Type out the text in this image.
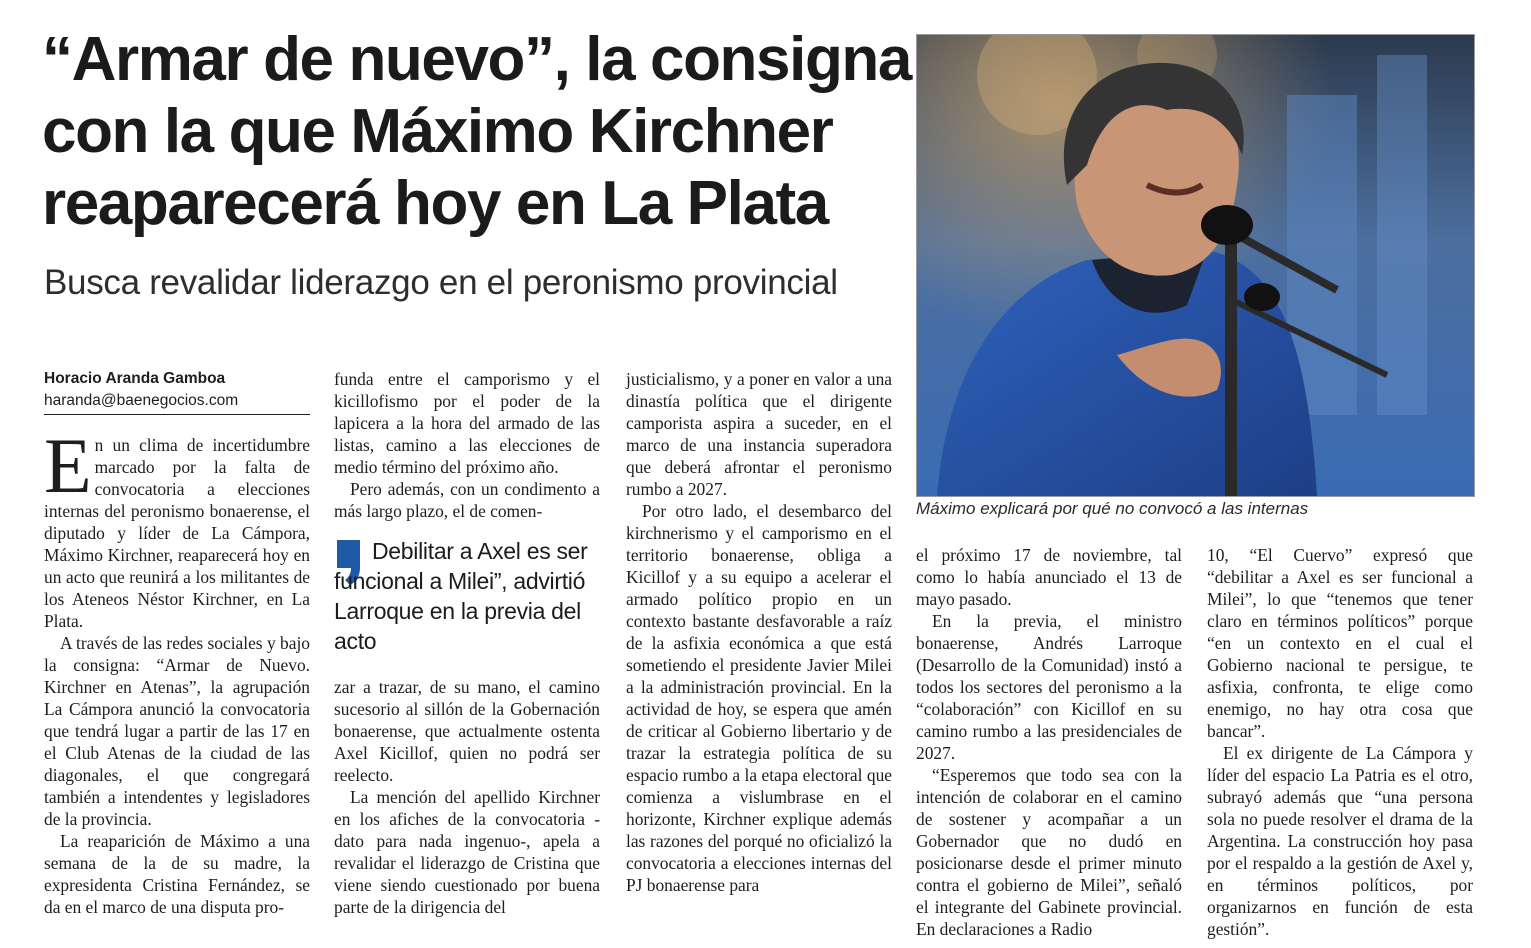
“Armar de nuevo”, la consigna
con la que Máximo Kirchner
reaparecerá hoy en La Plata
Busca revalidar liderazgo en el peronismo provincial
Máximo explicará por qué no convocó a las internas
Horacio Aranda Gamboa
haranda@baenegocios.com

En un clima de incertidumbre marcado por la falta de convocatoria a elecciones internas del peronismo bonaerense, el diputado y líder de La Cámpora, Máximo Kirchner, reaparecerá hoy en un acto que reunirá a los militantes de los Ateneos Néstor Kirchner, en La Plata.

A través de las redes sociales y bajo la consigna: “Armar de Nuevo. Kirchner en Atenas”, la agrupación La Cámpora anunció la convocatoria que tendrá lugar a partir de las 17 en el Club Atenas de la ciudad de las diagonales, el que congregará también a intendentes y legisladores de la provincia.

La reaparición de Máximo a una semana de la de su madre, la expresidenta Cristina Fernández, se da en el marco de una disputa pro-

funda entre el camporismo y el kicillofismo por el poder de la lapicera a la hora del armado de las listas, camino a las elecciones de medio término del próximo año.

Pero además, con un condimento a más largo plazo, el de comen-

Debilitar a Axel es ser funcional a Milei”, advirtió Larroque en la previa del acto

zar a trazar, de su mano, el camino sucesorio al sillón de la Gobernación bonaerense, que actualmente ostenta Axel Kicillof, quien no podrá ser reelecto.

La mención del apellido Kirchner en los afiches de la convocatoria -dato para nada ingenuo-, apela a revalidar el liderazgo de Cristina que viene siendo cuestionado por buena parte de la dirigencia del

justicialismo, y a poner en valor a una dinastía política que el dirigente camporista aspira a suceder, en el marco de una instancia superadora que deberá afrontar el peronismo rumbo a 2027.

Por otro lado, el desembarco del kirchnerismo y el camporismo en el territorio bonaerense, obliga a Kicillof y a su equipo a acelerar el armado político propio en un contexto bastante desfavorable a raíz de la asfixia económica a que está sometiendo el presidente Javier Milei a la administración provincial. En la actividad de hoy, se espera que amén de criticar al Gobierno libertario y de trazar la estrategia política de su espacio rumbo a la etapa electoral que comienza a vislumbrase en el horizonte, Kirchner explique además las razones del porqué no oficializó la convocatoria a elecciones internas del PJ bonaerense para

el próximo 17 de noviembre, tal como lo había anunciado el 13 de mayo pasado.

En la previa, el ministro bonaerense, Andrés Larroque (Desarrollo de la Comunidad) instó a todos los sectores del peronismo a la “colaboración” con Kicillof en su camino rumbo a las presidenciales de 2027.

“Esperemos que todo sea con la intención de colaborar en el camino de sostener y acompañar a un Gobernador que no dudó en posicionarse desde el primer minuto contra el gobierno de Milei”, señaló el integrante del Gabinete provincial. En declaraciones a Radio

10, “El Cuervo” expresó que “debilitar a Axel es ser funcional a Milei”, lo que “tenemos que tener claro en términos políticos” porque “en un contexto en el cual el Gobierno nacional te persigue, te asfixia, confronta, te elige como enemigo, no hay otra cosa que bancar”.

El ex dirigente de La Cámpora y líder del espacio La Patria es el otro, subrayó además que “una persona sola no puede resolver el drama de la Argentina. La construcción hoy pasa por el respaldo a la gestión de Axel y, en términos políticos, por organizarnos en función de esta gestión”.
